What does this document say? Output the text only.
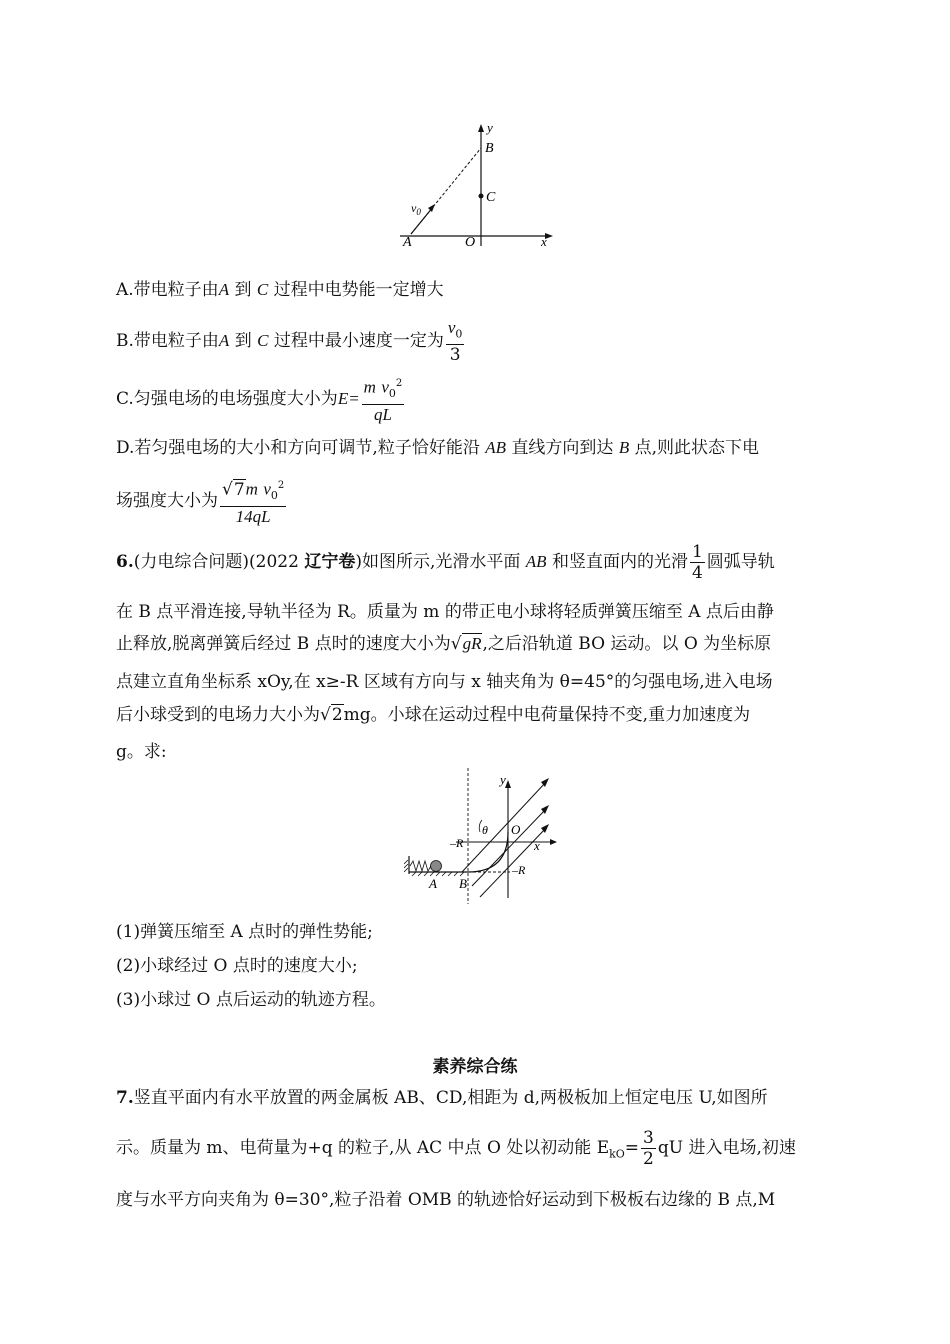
y
B
C
$v_0$
A	O	x
A.带电粒子由A 到 C 过程中电势能一定增大
B.带电粒子由A 到 C 过程中最小速度一定为 $\frac{v_0}{3}$
C.匀强电场的电场强度大小为$E= \frac{m v_0^2}{qL}$
D.若匀强电场的大小和方向可调节,粒子恰好能沿 AB 直线方向到达 B 点,则此状态下电
场强度大小为 $\frac{√7m v_0^2}{14qL}$
6.(力电综合问题)(2022 辽宁卷)如图所示,光滑水平面 AB 和竖直面内的光滑 $\frac{1}{4}$ 圆弧导轨
在 B 点平滑连接,导轨半径为 R。质量为 m 的带正电小球将轻质弹簧压缩至 A 点后由静
止释放,脱离弹簧后经过 B 点时的速度大小为√gR,之后沿轨道 BO 运动。以 O 为坐标原
点建立直角坐标系 xOy,在 x≥-R 区域有方向与 x 轴夹角为 θ=45°的匀强电场,进入电场
后小球受到的电场力大小为√2mg。小球在运动过程中电荷量保持不变,重力加速度为
g。求:
y
θ O
–R	x
A B
–R
(1)弹簧压缩至 A 点时的弹性势能;
(2)小球经过 O 点时的速度大小;
(3)小球过 O 点后运动的轨迹方程。
素养综合练
7.竖直平面内有水平放置的两金属板 AB、CD,相距为 d,两极板加上恒定电压 U,如图所
示。质量为 m、电荷量为+q 的粒子,从 AC 中点 O 处以初动能 $E_{kO}= \frac{3}{2}$ qU 进入电场,初速
度与水平方向夹角为 θ=30°,粒子沿着 OMB 的轨迹恰好运动到下极板右边缘的 B 点,M
